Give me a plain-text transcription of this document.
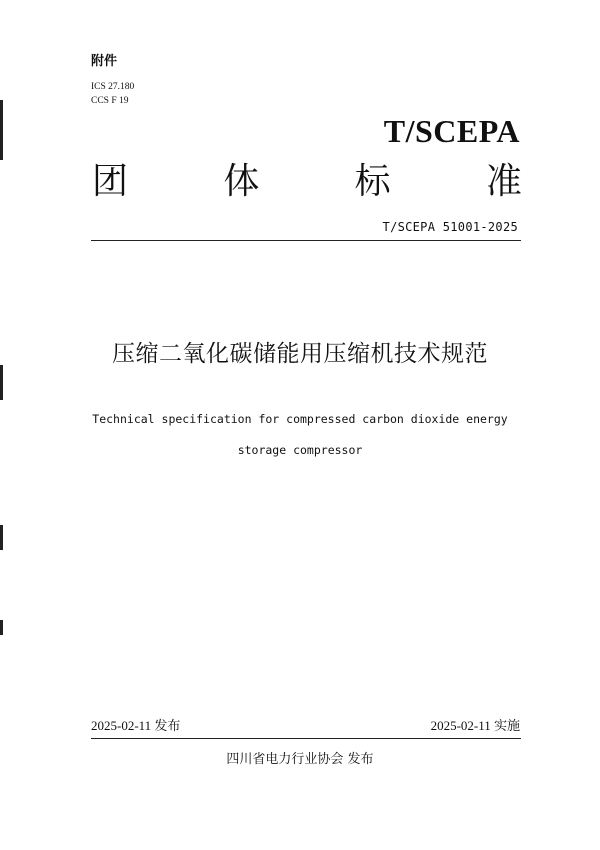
附件
ICS 27.180
CCS F 19
T/SCEPA
团	体	标	准
T/SCEPA 51001-2025
压缩二氧化碳储能用压缩机技术规范
Technical specification for compressed carbon dioxide energy
storage compressor
2025-02-11 发布	2025-02-11 实施
四川省电力行业协会 发布
